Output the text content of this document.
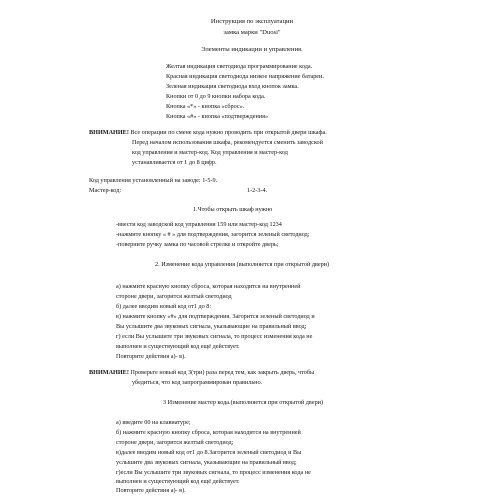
Инструкция по эксплуатации
замка марки "Duosi"
Элементы индикации и управления.
Желтая индикация светодиода программирование кода.
Красная индикация светодиода низкое напряжение батареи.
Зеленая индикация светодиода вход кнопок замка.
Кнопки от 0 до 9 кнопки набора кода.
Кнопка «*» - кнопка «сброс».
Кнопка «#» - кнопка «подтверждения»
ВНИМАНИЕ! Все операции по смене кода нужно проводить при открытой двери шкафа.
Перед началом использования шкафа, рекомендуется сменить заводской
код управления и мастер-код. Код управления и мастер-код
устанавливается от 1 до 8 цифр.
Код управления установленный на заводе: 1-5-9.
Мастер-код:	1-2-3-4.
1.Чтобы открыть шкаф нужно
-ввести код заводской код управления 159 или мастер-код 1234
-нажмите кнопку « # » для подтверждения, загорится зеленый светодиод;
-поверните ручку замка по часовой стрелке и откройте дверь;
2. Изменение кода управления (выполняется при открытой двери)
а) нажмите красную кнопку сброса, которая находится на внутренней
стороне двери, загорится желтый светодиод
б) далее вводим новый код от1 до 8:
в) нажмите кнопку «#» для подтверждения. Загорится зеленый светодиод и
Вы услышите два звуковых сигнала, указывающие на правильный ввод;
г) если Вы услышите три звуковых сигнала, то процесс изменения кода не
выполнен и существующий код ещё действует.
Повторите действия а)- в).
ВНИМАНИЕ! Проверьте новый код 3(три) раза перед тем, как закрыть дверь, чтобы
убедиться, что код запрограммирован правильно.
3 Изменение мастер кода.(выполняется при открытой двери)
а) введите 00 на клавиатуре;
б) нажмите красную кнопку сброса, которая находится на внутренней
стороне двери, загорится желтый светодиод;
в)далее вводим новый код от1 до 8.Загорится зеленый светодиод и Вы
услышите два звуковых сигнала, указывающие на правильный ввод;
г)если Вы услышите три звуковых сигнала, то процесс изменения кода не
выполнен и существующий код ещё действует.
Повторите действия а)- в).
